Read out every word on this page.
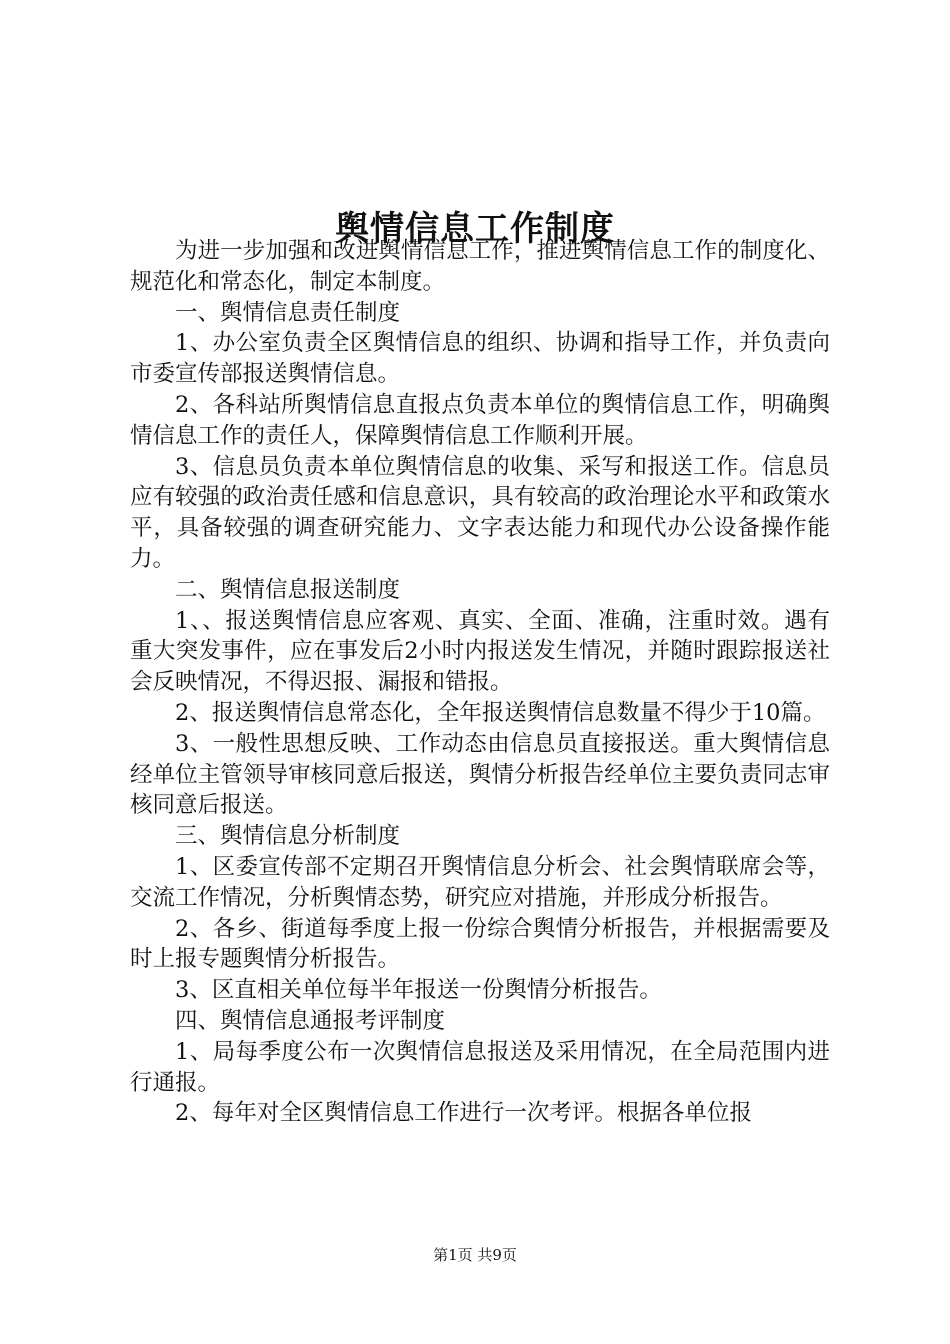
舆情信息工作制度

为进一步加强和改进舆情信息工作，推进舆情信息工作的制度化、规范化和常态化，制定本制度。

一、舆情信息责任制度

1、办公室负责全区舆情信息的组织、协调和指导工作，并负责向市委宣传部报送舆情信息。

2、各科站所舆情信息直报点负责本单位的舆情信息工作，明确舆情信息工作的责任人，保障舆情信息工作顺利开展。

3、信息员负责本单位舆情信息的收集、采写和报送工作。信息员应有较强的政治责任感和信息意识，具有较高的政治理论水平和政策水平，具备较强的调查研究能力、文字表达能力和现代办公设备操作能力。

二、舆情信息报送制度

1、、报送舆情信息应客观、真实、全面、准确，注重时效。遇有重大突发事件，应在事发后2小时内报送发生情况，并随时跟踪报送社会反映情况，不得迟报、漏报和错报。

2、报送舆情信息常态化，全年报送舆情信息数量不得少于10篇。

3、一般性思想反映、工作动态由信息员直接报送。重大舆情信息经单位主管领导审核同意后报送，舆情分析报告经单位主要负责同志审核同意后报送。

三、舆情信息分析制度

1、区委宣传部不定期召开舆情信息分析会、社会舆情联席会等，交流工作情况，分析舆情态势，研究应对措施，并形成分析报告。

2、各乡、街道每季度上报一份综合舆情分析报告，并根据需要及时上报专题舆情分析报告。

3、区直相关单位每半年报送一份舆情分析报告。

四、舆情信息通报考评制度

1、局每季度公布一次舆情信息报送及采用情况，在全局范围内进行通报。

2、每年对全区舆情信息工作进行一次考评。根据各单位报

第1页 共9页
